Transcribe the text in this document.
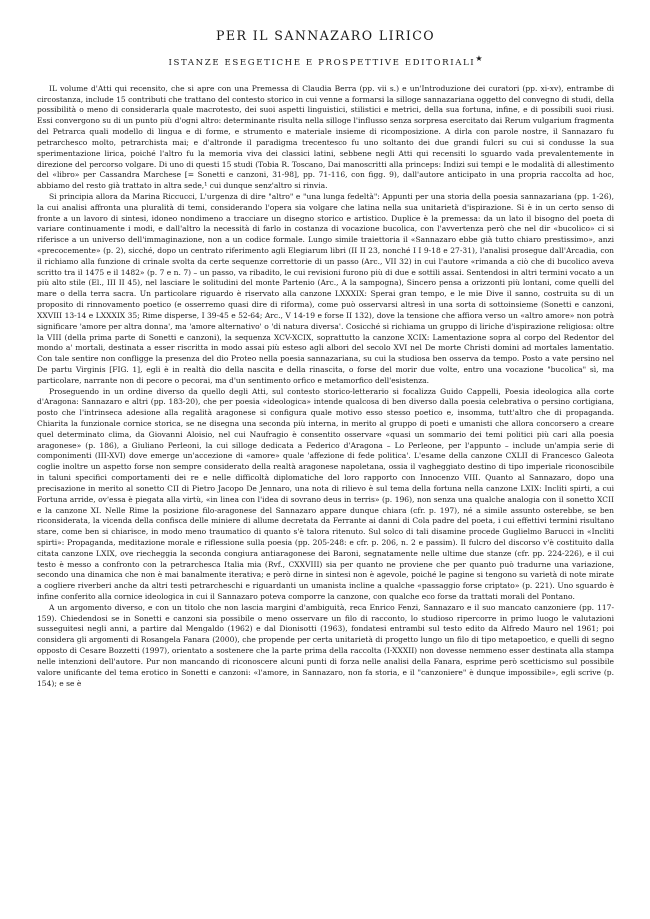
PER IL SANNAZARO LIRICO
ISTANZE ESEGETICHE E PROSPETTIVE EDITORIALI★

IL volume d'Atti qui recensito, che si apre con una Premessa di Claudia Berra (pp. vii s.) e un'Introduzione dei curatori (pp. xi-xv), entrambe di circostanza, include 15 contributi che trattano del contesto storico in cui venne a formarsi la silloge sannazariana oggetto del convegno di studi, della possibilità o meno di considerarla quale macrotesto, dei suoi aspetti linguistici, stilistici e metrici, della sua fortuna, infine, e di possibili suoi riusi. Essi convergono su di un punto più d'ogni altro: determinante risulta nella silloge l'influsso senza sorpresa esercitato dai Rerum vulgarium fragmenta del Petrarca quali modello di lingua e di forme, e strumento e materiale insieme di ricomposizione. A dirla con parole nostre, il Sannazaro fu petrarchesco molto, petrarchista mai; e d'altronde il paradigma trecentesco fu uno soltanto dei due grandi fulcri su cui si condusse la sua sperimentazione lirica, poiché l'altro fu la memoria viva dei classici latini, sebbene negli Atti qui recensiti lo sguardo vada prevalentemente in direzione del percorso volgare. Di uno di questi 15 studi (Tobia R. Toscano, Dai manoscritti alla princeps: Indizi sui tempi e le modalità di allestimento del «libro» per Cassandra Marchese [= Sonetti e canzoni, 31-98], pp. 71-116, con figg. 9), dall'autore anticipato in una propria raccolta ad hoc, abbiamo del resto già trattato in altra sede,¹ cui dunque senz'altro si rinvia.

Si principia allora da Marina Riccucci, L'urgenza di dire "altro" e "una lunga fedeltà": Appunti per una storia della poesia sannazariana (pp. 1-26), la cui analisi affronta una pluralità di temi, considerando l'opera sia volgare che latina nella sua unitarietà d'ispirazione. Si è in un certo senso di fronte a un lavoro di sintesi, idoneo nondimeno a tracciare un disegno storico e artistico. Duplice è la premessa: da un lato il bisogno del poeta di variare continuamente i modi, e dall'altro la necessità di farlo in costanza di vocazione bucolica, con l'avvertenza però che nel dir «bucolico» ci si riferisce a un universo dell'immaginazione, non a un codice formale. Lungo simile traiettoria il «Sannazaro ebbe già tutto chiaro prestissimo», anzi «precocemente» (p. 2), sicché, dopo un centrato riferimento agli Elegiarum libri (II II 23, nonché I I 9-18 e 27-31), l'analisi prosegue dall'Arcadia, con il richiamo alla funzione di crinale svolta da certe sequenze correttorie di un passo (Arc., VII 32) in cui l'autore «rimanda a ciò che di bucolico aveva scritto tra il 1475 e il 1482» (p. 7 e n. 7) – un passo, va ribadito, le cui revisioni furono più di due e sottili assai. Sentendosi in altri termini vocato a un più alto stile (El., III II 45), nel lasciare le solitudini del monte Partenio (Arc., A la sampogna), Sincero pensa a orizzonti più lontani, come quelli del mare o della terra sacra. Un particolare riguardo è riservato alla canzone LXXXIX: Sperai gran tempo, e le mie Dive il sanno, costruita su di un proposito di rinnovamento poetico (e osserremo quasi dire di riforma), come può osservarsi altresì in una sorta di sottoinsieme (Sonetti e canzoni, XXVIII 13-14 e LXXXIX 35; Rime disperse, I 39-45 e 52-64; Arc., V 14-19 e forse II 132), dove la tensione che affiora verso un «altro amore» non potrà significare 'amore per altra donna', ma 'amore alternativo' o 'di natura diversa'. Cosicché si richiama un gruppo di liriche d'ispirazione religiosa: oltre la VIII (della prima parte di Sonetti e canzoni), la sequenza XCV-XCIX, soprattutto la canzone XCIX: Lamentazione sopra al corpo del Redentor del mondo a' mortali, destinata a esser riscritta in modo assai più esteso agli albori del secolo XVI nel De morte Christi domini ad mortales lamentatio. Con tale sentire non confligge la presenza del dio Proteo nella poesia sannazariana, su cui la studiosa ben osserva da tempo. Posto a vate persino nel De partu Virginis [FIG. 1], egli è in realtà dio della nascita e della rinascita, o forse del morir due volte, entro una vocazione "bucolica" sì, ma particolare, narrante non di pecore o pecorai, ma d'un sentimento orfico e metamorfico dell'esistenza.

Proseguendo in un ordine diverso da quello degli Atti, sul contesto storico-letterario si focalizza Guido Cappelli, Poesia ideologica alla corte d'Aragona: Sannazaro e altri (pp. 183-20), che per poesia «ideologica» intende qualcosa di ben diverso dalla poesia celebrativa o persino cortigiana, posto che l'intrinseca adesione alla regalità aragonese si configura quale motivo esso stesso poetico e, insomma, tutt'altro che di propaganda. Chiarita la funzionale cornice storica, se ne disegna una seconda più interna, in merito al gruppo di poeti e umanisti che allora concorsero a creare quel determinato clima, da Giovanni Aloisio, nel cui Naufragio è consentito osservare «quasi un sommario dei temi politici più cari alla poesia aragonese» (p. 186), a Giuliano Perleoni, la cui silloge dedicata a Federico d'Aragona – Lo Perleone, per l'appunto – include un'ampia serie di componimenti (III-XVI) dove emerge un'accezione di «amore» quale 'affezione di fede politica'. L'esame della canzone CXLII di Francesco Galeota coglie inoltre un aspetto forse non sempre considerato della realtà aragonese napoletana, ossia il vagheggiato destino di tipo imperiale riconoscibile in taluni specifici comportamenti dei re e nelle difficoltà diplomatiche del loro rapporto con Innocenzo VIII. Quanto al Sannazaro, dopo una precisazione in merito al sonetto CII di Pietro Jacopo De Jennaro, una nota di rilievo è sul tema della fortuna nella canzone LXIX: Incliti spirti, a cui Fortuna arride, ov'essa è piegata alla virtù, «in linea con l'idea di sovrano deus in terris» (p. 196), non senza una qualche analogia con il sonetto XCII e la canzone XI. Nelle Rime la posizione filo-aragonese del Sannazaro appare dunque chiara (cfr. p. 197), né a simile assunto osterebbe, se ben riconsiderata, la vicenda della confisca delle miniere di allume decretata da Ferrante ai danni di Cola padre del poeta, i cui effettivi termini risultano stare, come ben si chiarisce, in modo meno traumatico di quanto s'è talora ritenuto. Sul solco di tali disamine procede Guglielmo Barucci in «Incliti spirti»: Propaganda, meditazione morale e riflessione sulla poesia (pp. 205-248: e cfr. p. 206, n. 2 e passim). Il fulcro del discorso v'è costituito dalla citata canzone LXIX, ove riecheggia la seconda congiura antiaragonese dei Baroni, segnatamente nelle ultime due stanze (cfr. pp. 224-226), e il cui testo è messo a confronto con la petrarchesca Italia mia (Rvf., CXXVIII) sia per quanto ne proviene che per quanto può tradurne una variazione, secondo una dinamica che non è mai banalmente iterativa; e però dirne in sintesi non è agevole, poiché le pagine si tengono su varietà di note mirate a cogliere riverberi anche da altri testi petrarcheschi e riguardanti un umanista incline a qualche «passaggio forse criptato» (p. 221). Uno sguardo è infine conferito alla cornice ideologica in cui il Sannazaro poteva comporre la canzone, con qualche eco forse da trattati morali del Pontano.

A un argomento diverso, e con un titolo che non lascia margini d'ambiguità, reca Enrico Fenzi, Sannazaro e il suo mancato canzoniere (pp. 117-159). Chiedendosi se in Sonetti e canzoni sia possibile o meno osservare un filo di racconto, lo studioso ripercorre in primo luogo le valutazioni susseguitesi negli anni, a partire dal Mengaldo (1962) e dal Dionisotti (1963), fondatesi entrambi sul testo edito da Alfredo Mauro nel 1961; poi considera gli argomenti di Rosangela Fanara (2000), che propende per certa unitarietà di progetto lungo un filo di tipo metapoetico, e quelli di segno opposto di Cesare Bozzetti (1997), orientato a sostenere che la parte prima della raccolta (I-XXXII) non dovesse nemmeno esser destinata alla stampa nelle intenzioni dell'autore. Pur non mancando di riconoscere alcuni punti di forza nelle analisi della Fanara, esprime però scetticismo sul possibile valore unificante del tema erotico in Sonetti e canzoni: «l'amore, in Sannazaro, non fa storia, e il "canzoniere" è dunque impossibile», egli scrive (p. 154); e se è
